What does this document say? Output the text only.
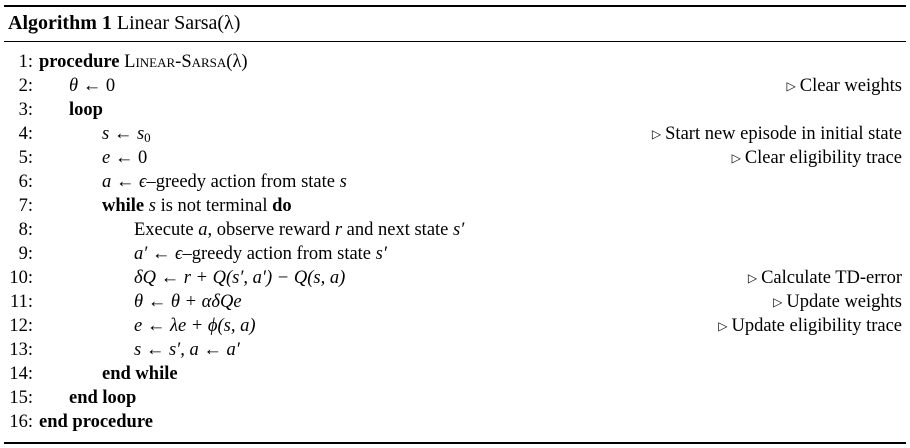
Algorithm 1 Linear Sarsa(λ)
1: procedure Linear-Sarsa(λ)
2: θ ← 0	▷ Clear weights
3: loop
4:	s ← s0	▷ Start new episode in initial state
5:	e ← 0	▷ Clear eligibility trace
6:	a ← ϵ–greedy action from state s
7:	while s is not terminal do
8:	Execute a, observe reward r and next state s′
9:	a′ ← ϵ–greedy action from state s′
10:	δQ ← r + Q(s′, a′) − Q(s, a)	▷ Calculate TD-error
11:	θ ← θ + αδQe	▷ Update weights
12:	e ← λe + ϕ(s, a)	▷ Update eligibility trace
13:	s ← s′, a ← a′
14:	end while
15: end loop
16: end procedure
